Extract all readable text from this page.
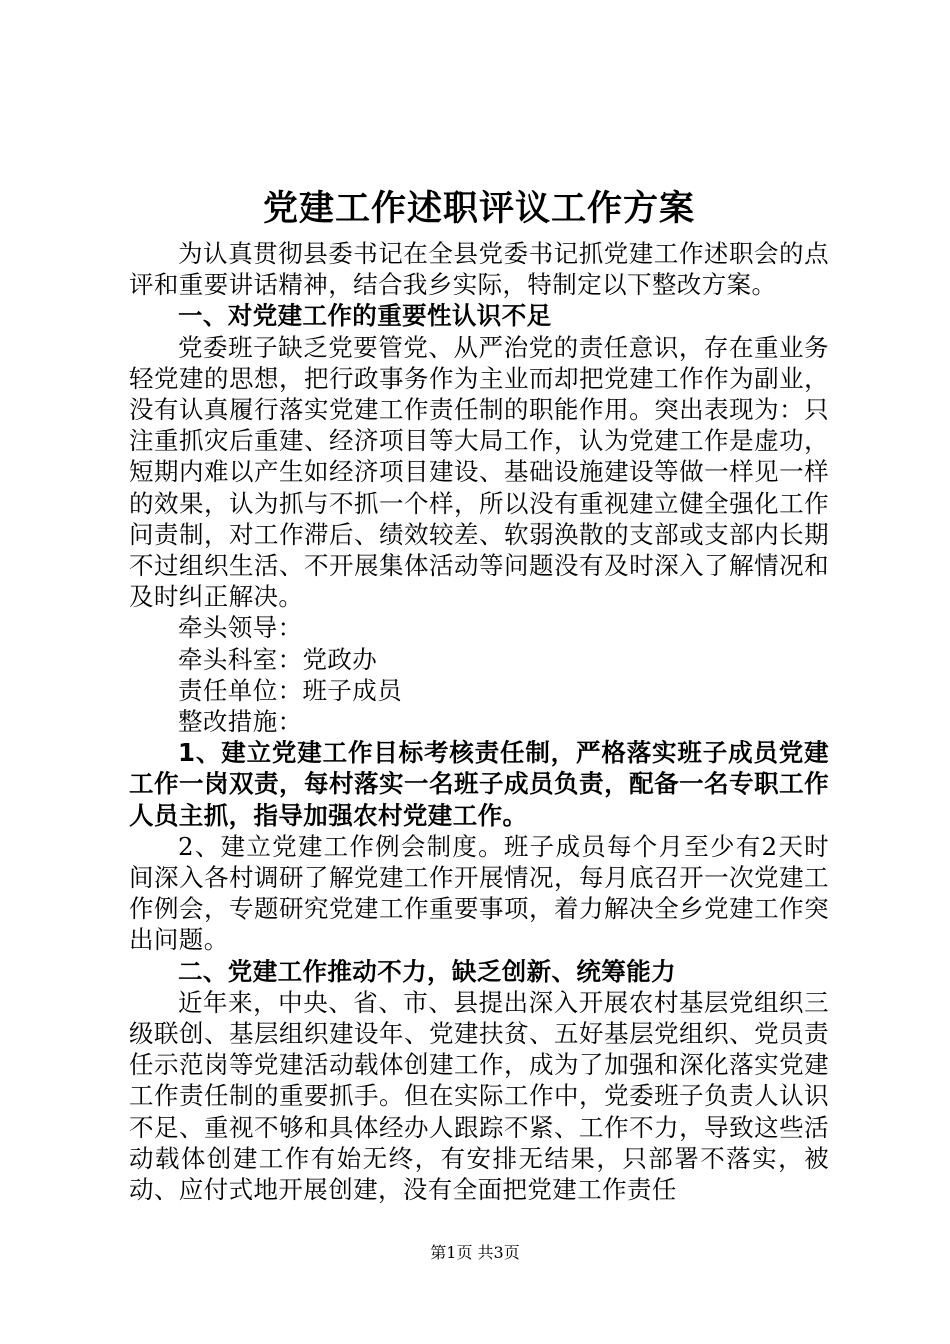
党建工作述职评议工作方案

为认真贯彻县委书记在全县党委书记抓党建工作述职会的点评和重要讲话精神，结合我乡实际，特制定以下整改方案。

一、对党建工作的重要性认识不足

党委班子缺乏党要管党、从严治党的责任意识，存在重业务轻党建的思想，把行政事务作为主业而却把党建工作作为副业，没有认真履行落实党建工作责任制的职能作用。突出表现为：只注重抓灾后重建、经济项目等大局工作，认为党建工作是虚功，短期内难以产生如经济项目建设、基础设施建设等做一样见一样的效果，认为抓与不抓一个样，所以没有重视建立健全强化工作问责制，对工作滞后、绩效较差、软弱涣散的支部或支部内长期不过组织生活、不开展集体活动等问题没有及时深入了解情况和及时纠正解决。

牵头领导：

牵头科室：党政办

责任单位：班子成员

整改措施：

1、建立党建工作目标考核责任制，严格落实班子成员党建工作一岗双责，每村落实一名班子成员负责，配备一名专职工作人员主抓，指导加强农村党建工作。

2、建立党建工作例会制度。班子成员每个月至少有2天时间深入各村调研了解党建工作开展情况，每月底召开一次党建工作例会，专题研究党建工作重要事项，着力解决全乡党建工作突出问题。

二、党建工作推动不力，缺乏创新、统筹能力

近年来，中央、省、市、县提出深入开展农村基层党组织三级联创、基层组织建设年、党建扶贫、五好基层党组织、党员责任示范岗等党建活动载体创建工作，成为了加强和深化落实党建工作责任制的重要抓手。但在实际工作中，党委班子负责人认识不足、重视不够和具体经办人跟踪不紧、工作不力，导致这些活动载体创建工作有始无终，有安排无结果，只部署不落实，被动、应付式地开展创建，没有全面把党建工作责任

第1页 共3页
